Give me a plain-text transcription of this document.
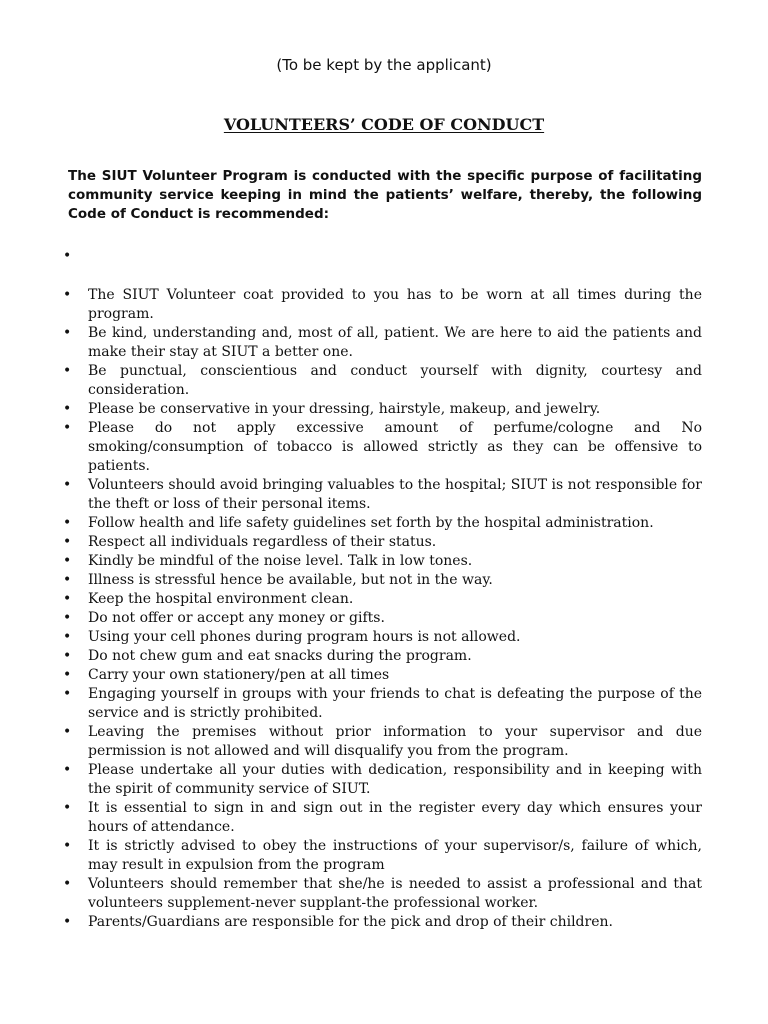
(To be kept by the applicant)
VOLUNTEERS’ CODE OF CONDUCT

The SIUT Volunteer Program is conducted with the specific purpose of facilitating community service keeping in mind the patients’ welfare, thereby, the following Code of Conduct is recommended:

•
• The SIUT Volunteer coat provided to you has to be worn at all times during the program.
• Be kind, understanding and, most of all, patient. We are here to aid the patients and make their stay at SIUT a better one.
• Be punctual, conscientious and conduct yourself with dignity, courtesy and consideration.
• Please be conservative in your dressing, hairstyle, makeup, and jewelry.
• Please do not apply excessive amount of perfume/cologne and No smoking/consumption of tobacco is allowed strictly as they can be offensive to patients.
• Volunteers should avoid bringing valuables to the hospital; SIUT is not responsible for the theft or loss of their personal items.
• Follow health and life safety guidelines set forth by the hospital administration.
• Respect all individuals regardless of their status.
• Kindly be mindful of the noise level. Talk in low tones.
• Illness is stressful hence be available, but not in the way.
• Keep the hospital environment clean.
• Do not offer or accept any money or gifts.
• Using your cell phones during program hours is not allowed.
• Do not chew gum and eat snacks during the program.
• Carry your own stationery/pen at all times
• Engaging yourself in groups with your friends to chat is defeating the purpose of the service and is strictly prohibited.
• Leaving the premises without prior information to your supervisor and due permission is not allowed and will disqualify you from the program.
• Please undertake all your duties with dedication, responsibility and in keeping with the spirit of community service of SIUT.
• It is essential to sign in and sign out in the register every day which ensures your hours of attendance.
• It is strictly advised to obey the instructions of your supervisor/s, failure of which, may result in expulsion from the program
• Volunteers should remember that she/he is needed to assist a professional and that volunteers supplement-never supplant-the professional worker.
• Parents/Guardians are responsible for the pick and drop of their children.
